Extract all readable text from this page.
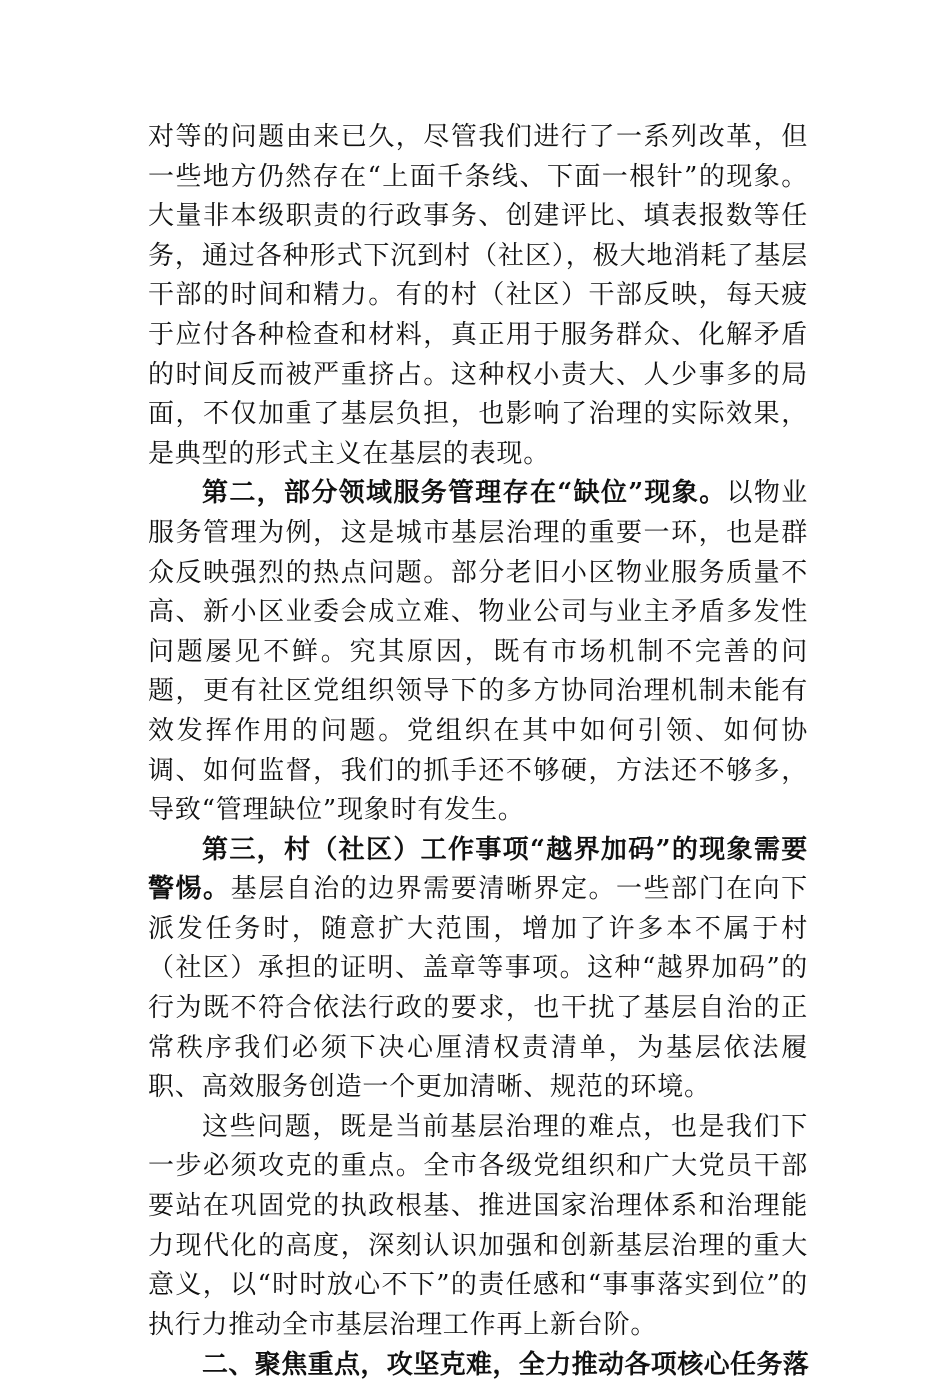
对等的问题由来已久，尽管我们进行了一系列改革，但一些地方仍然存在“上面千条线、下面一根针”的现象。大量非本级职责的行政事务、创建评比、填表报数等任务，通过各种形式下沉到村（社区），极大地消耗了基层干部的时间和精力。有的村（社区）干部反映，每天疲于应付各种检查和材料，真正用于服务群众、化解矛盾的时间反而被严重挤占。这种权小责大、人少事多的局面，不仅加重了基层负担，也影响了治理的实际效果，是典型的形式主义在基层的表现。

第二，部分领域服务管理存在“缺位”现象。以物业服务管理为例，这是城市基层治理的重要一环，也是群众反映强烈的热点问题。部分老旧小区物业服务质量不高、新小区业委会成立难、物业公司与业主矛盾多发性问题屡见不鲜。究其原因，既有市场机制不完善的问题，更有社区党组织领导下的多方协同治理机制未能有效发挥作用的问题。党组织在其中如何引领、如何协调、如何监督，我们的抓手还不够硬，方法还不够多，导致“管理缺位”现象时有发生。

第三，村（社区）工作事项“越界加码”的现象需要警惕。基层自治的边界需要清晰界定。一些部门在向下派发任务时，随意扩大范围，增加了许多本不属于村（社区）承担的证明、盖章等事项。这种“越界加码”的行为既不符合依法行政的要求，也干扰了基层自治的正常秩序我们必须下决心厘清权责清单，为基层依法履职、高效服务创造一个更加清晰、规范的环境。

这些问题，既是当前基层治理的难点，也是我们下一步必须攻克的重点。全市各级党组织和广大党员干部要站在巩固党的执政根基、推进国家治理体系和治理能力现代化的高度，深刻认识加强和创新基层治理的重大意义，以“时时放心不下”的责任感和“事事落实到位”的执行力推动全市基层治理工作再上新台阶。

二、聚焦重点，攻坚克难，全力推动各项核心任务落
